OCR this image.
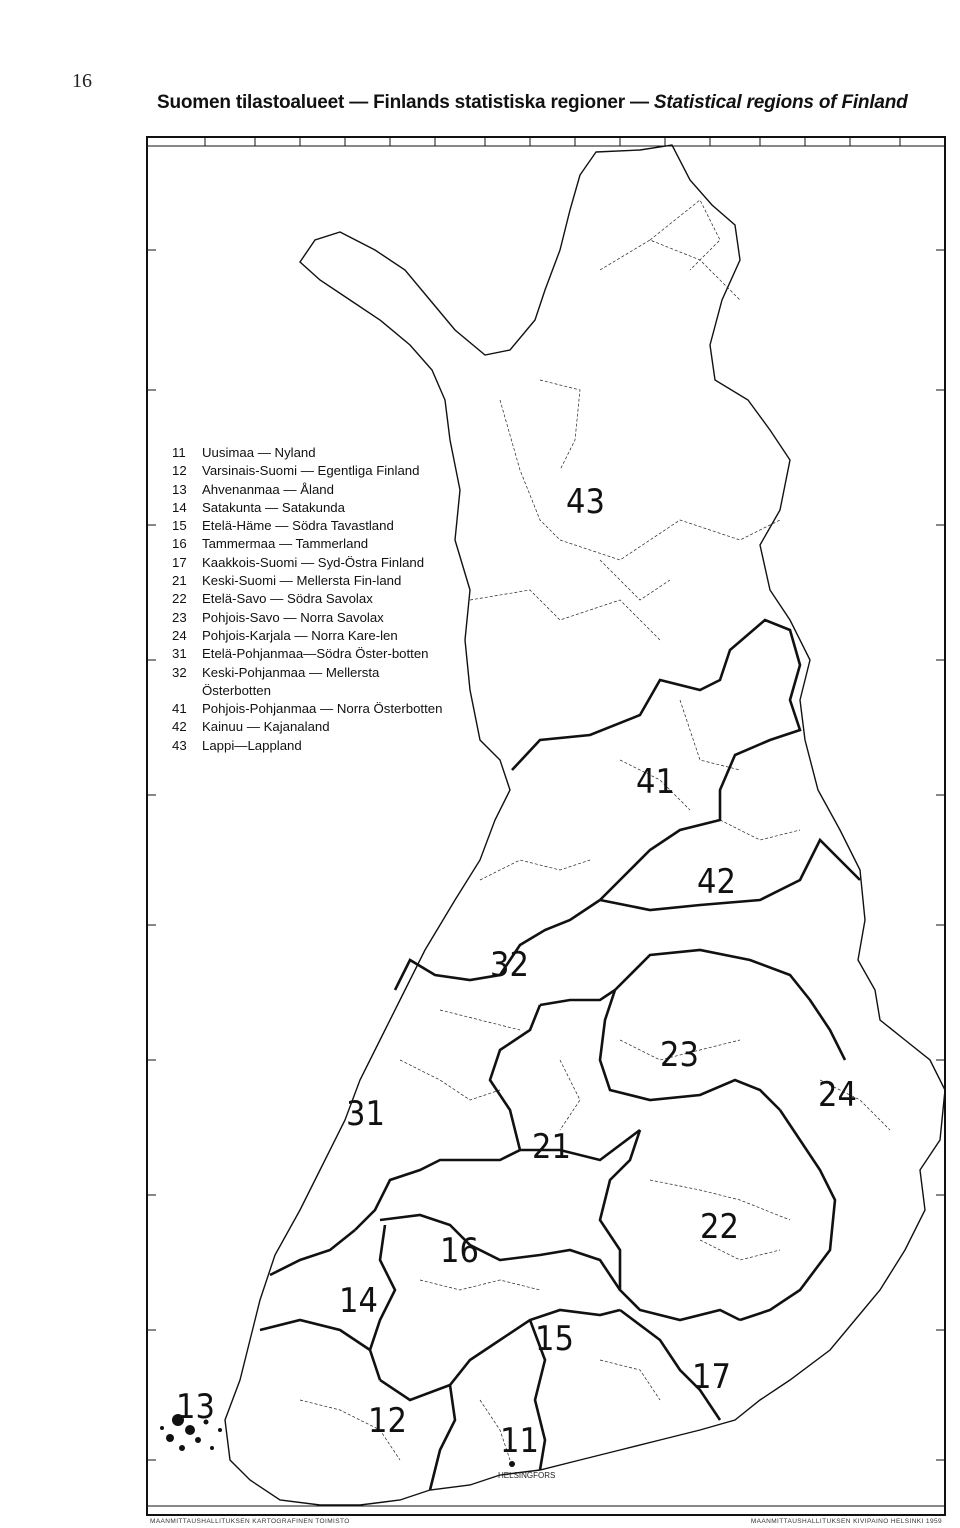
16
Suomen tilastoalueet — Finlands statistiska regioner — Statistical regions of Finland
43
41
42
32
23
24
31
21
22
16
14
15
17
13	12	11
HELSINGFORS
11	Uusimaa — Nyland
12	Varsinais-Suomi — Egentliga Finland
13	Ahvenanmaa — Åland
14	Satakunta — Satakunda
15	Etelä-Häme — Södra Tavastland
16	Tammermaa — Tammerland
17	Kaakkois-Suomi — Syd-Östra Finland
21	Keski-Suomi — Mellersta Fin-land
22	Etelä-Savo — Södra Savolax
23	Pohjois-Savo — Norra Savolax
24	Pohjois-Karjala — Norra Kare-len
31	Etelä-Pohjanmaa—Södra Öster-botten
32	Keski-Pohjanmaa — Mellersta Österbotten
41	Pohjois-Pohjanmaa — Norra Österbotten
42	Kainuu — Kajanaland
43	Lappi—Lappland
MAANMITTAUSHALLITUKSEN KARTOGRAFINEN TOIMISTO	MAANMITTAUSHALLITUKSEN KIVIPAINO HELSINKI 1959
